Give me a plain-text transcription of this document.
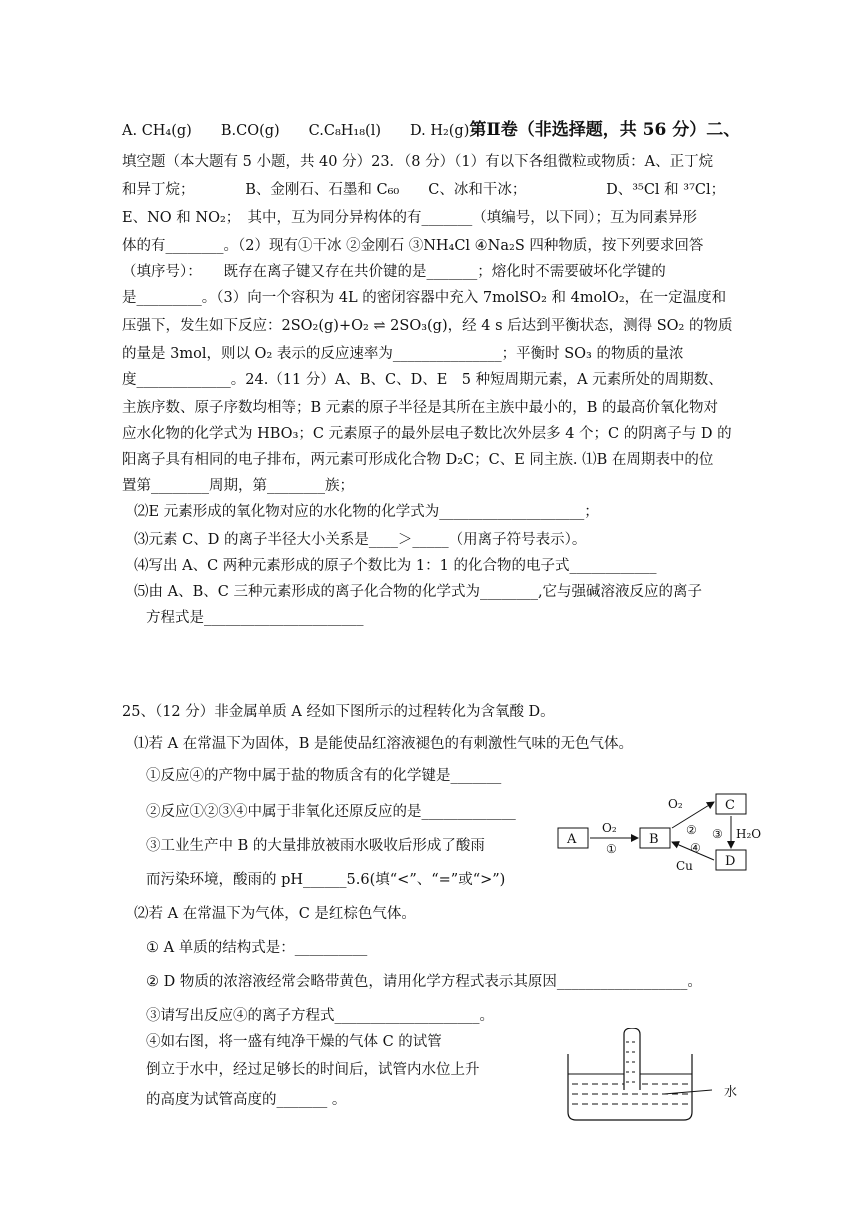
A. CH₄(g)　　B.CO(g)　　C.C₈H₁₈(l)　　D. H₂(g)第Ⅱ卷（非选择题，共 56 分）二、
填空题（本大题有 5 小题，共 40 分）23．（8 分）（1）有以下各组微粒或物质：A、正丁烷
和异丁烷；　　　　B、金刚石、石墨和 C₆₀　　C、冰和干冰；　　　　　　D、³⁵Cl 和 ³⁷Cl；
E、NO 和 NO₂；　其中，互为同分异构体的有_______（填编号，以下同）；互为同素异形
体的有________。（2）现有①干冰 ②金刚石 ③NH₄Cl ④Na₂S 四种物质，按下列要求回答
（填序号）：　　既存在离子键又存在共价键的是_______；熔化时不需要破坏化学键的
是_________。（3）向一个容积为 4L 的密闭容器中充入 7molSO₂ 和 4molO₂，在一定温度和
压强下，发生如下反应：2SO₂(g)+O₂ ⇌ 2SO₃(g)，经 4 s 后达到平衡状态，测得 SO₂ 的物质
的量是 3mol，则以 O₂ 表示的反应速率为_______________；平衡时 SO₃ 的物质的量浓
度_____________。24.（11 分）A、B、C、D、E　5 种短周期元素，A 元素所处的周期数、
主族序数、原子序数均相等；B 元素的原子半径是其所在主族中最小的，B 的最高价氧化物对
应水化物的化学式为 HBO₃；C 元素原子的最外层电子数比次外层多 4 个；C 的阴离子与 D 的
阳离子具有相同的电子排布，两元素可形成化合物 D₂C；C、E 同主族. ⑴B 在周期表中的位
置第________周期，第________族；
⑵E 元素形成的氧化物对应的水化物的化学式为____________________；
⑶元素 C、D 的离子半径大小关系是____＞_____（用离子符号表示）。
⑷写出 A、C 两种元素形成的原子个数比为 1：1 的化合物的电子式____________
⑸由 A、B、C 三种元素形成的离子化合物的化学式为________,它与强碱溶液反应的离子
方程式是______________________
25、（12 分）非金属单质 A 经如下图所示的过程转化为含氧酸 D。
⑴若 A 在常温下为固体，B 是能使品红溶液褪色的有刺激性气味的无色气体。
①反应④的产物中属于盐的物质含有的化学键是_______
②反应①②③④中属于非氧化还原反应的是_____________
③工业生产中 B 的大量排放被雨水吸收后形成了酸雨
而污染环境，酸雨的 pH______5.6(填“<”、“=”或“>”)
⑵若 A 在常温下为气体，C 是红棕色气体。
① A 单质的结构式是：__________
② D 物质的浓溶液经常会略带黄色，请用化学方程式表示其原因__________________。
③请写出反应④的离子方程式____________________。
④如右图，将一盛有纯净干燥的气体 C 的试管
倒立于水中，经过足够长的时间后，试管内水位上升
的高度为试管高度的_______ 。
A
O₂
①
B
C
D
O₂
② ③ H₂O
④
Cu
水
